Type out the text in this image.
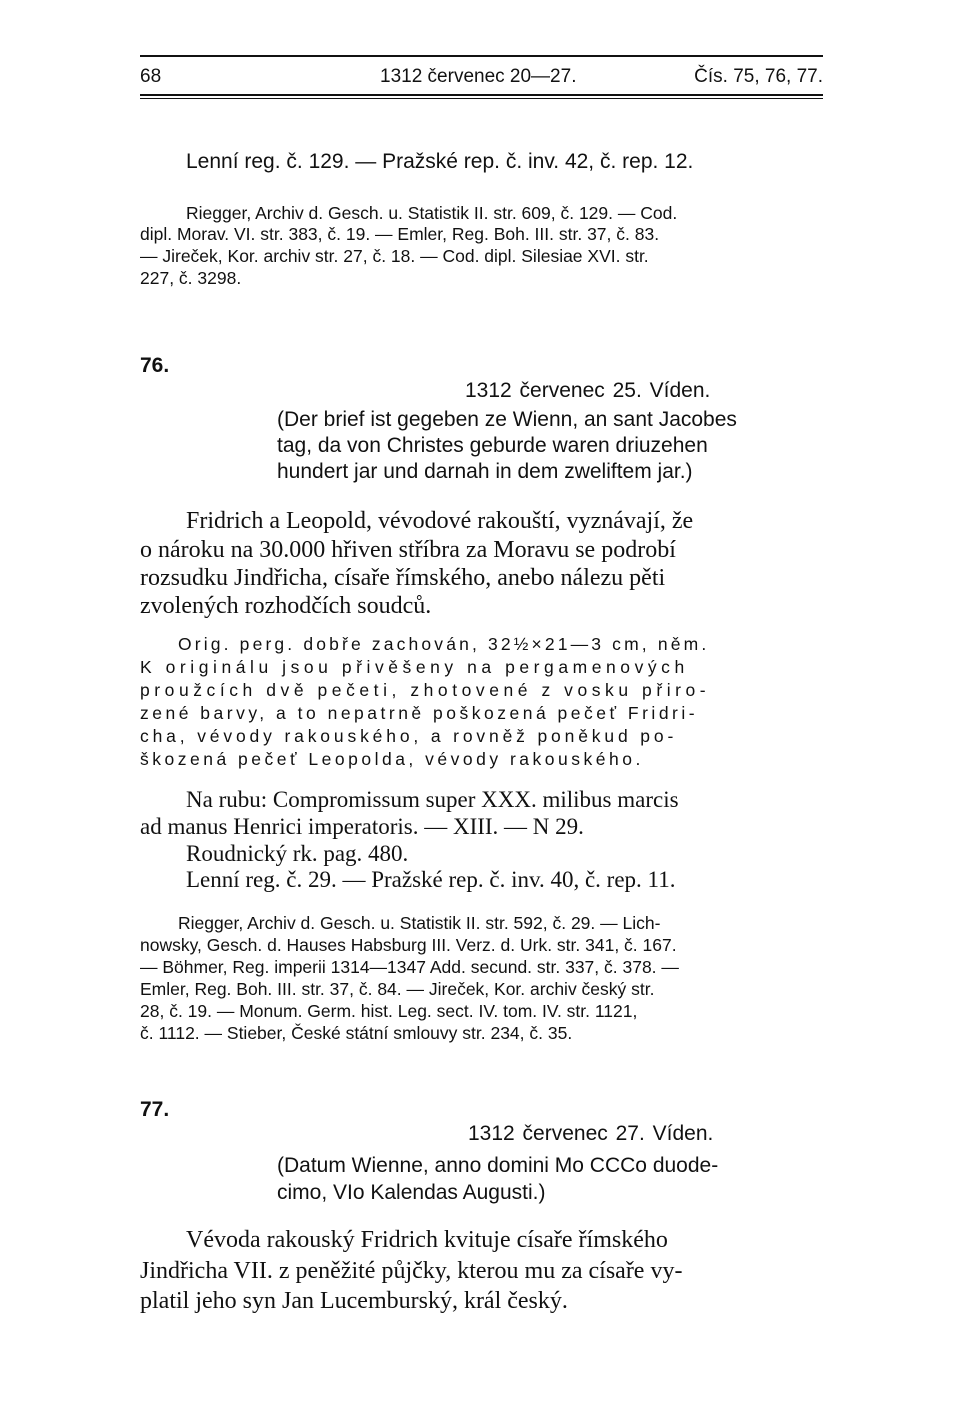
68	1312 červenec 20—27.	Čís. 75, 76, 77.
Lenní reg. č. 129. — Pražské rep. č. inv. 42, č. rep. 12.
Riegger, Archiv d. Gesch. u. Statistik II. str. 609, č. 129. — Cod.
dipl. Morav. VI. str. 383, č. 19. — Emler, Reg. Boh. III. str. 37, č. 83.
— Jireček, Kor. archiv str. 27, č. 18. — Cod. dipl. Silesiae XVI. str.
227, č. 3298.
76.
1312 červenec 25. Víden.
(Der brief ist gegeben ze Wienn, an sant Jacobes
tag, da von Christes geburde waren driuzehen
hundert jar und darnah in dem zweliftem jar.)
Fridrich a Leopold, vévodové rakouští, vyznávají, že
o nároku na 30.000 hřiven stříbra za Moravu se podrobí
rozsudku Jindřicha, císaře římského, anebo nálezu pěti
zvolených rozhodčích soudců.
Orig. perg. dobře zachován, 32½×21—3 cm, něm.
K originálu jsou přivěšeny na pergamenových
proužcích dvě pečeti, zhotovené z vosku přiro-
zené barvy, a to nepatrně poškozená pečeť Fridri-
cha, vévody rakouského, a rovněž poněkud po-
škozená pečeť Leopolda, vévody rakouského.
Na rubu: Compromissum super XXX. milibus marcis
ad manus Henrici imperatoris. — XIII. — N 29.
Roudnický rk. pag. 480.
Lenní reg. č. 29. — Pražské rep. č. inv. 40, č. rep. 11.
Riegger, Archiv d. Gesch. u. Statistik II. str. 592, č. 29. — Lich-
nowsky, Gesch. d. Hauses Habsburg III. Verz. d. Urk. str. 341, č. 167.
— Böhmer, Reg. imperii 1314—1347 Add. secund. str. 337, č. 378. —
Emler, Reg. Boh. III. str. 37, č. 84. — Jireček, Kor. archiv český str.
28, č. 19. — Monum. Germ. hist. Leg. sect. IV. tom. IV. str. 1121,
č. 1112. — Stieber, České státní smlouvy str. 234, č. 35.
77.
1312 červenec 27. Víden.
(Datum Wienne, anno domini Mo CCCo duode-
cimo, VIo Kalendas Augusti.)
Vévoda rakouský Fridrich kvituje císaře římského
Jindřicha VII. z peněžité půjčky, kterou mu za císaře vy-
platil jeho syn Jan Lucemburský, král český.
